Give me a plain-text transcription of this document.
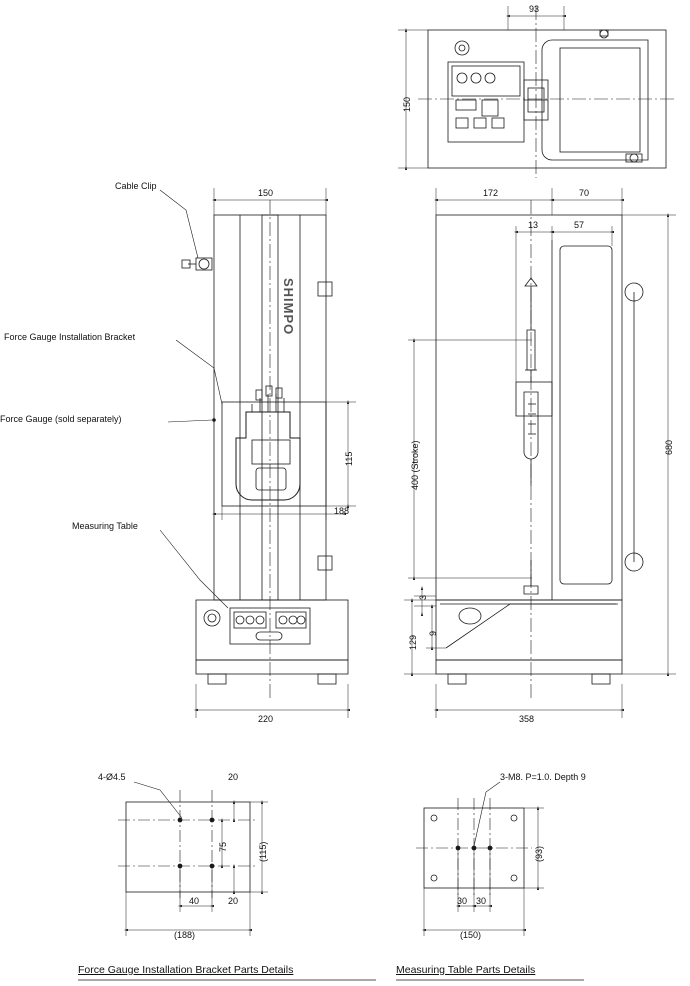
SHIMPO
Cable Clip
Force Gauge Installation Bracket
Force Gauge (sold separately)
Measuring Table
93
150
150
115
188
220
172	70
13	57
400 (Stroke)	680
129
3
9
358
4-Ø4.5	20
75
20
(115)
40
(188)
3-M8. P=1.0. Depth 9
(93)
30 30
(150)
Force Gauge Installation Bracket Parts Details	Measuring Table Parts Details
